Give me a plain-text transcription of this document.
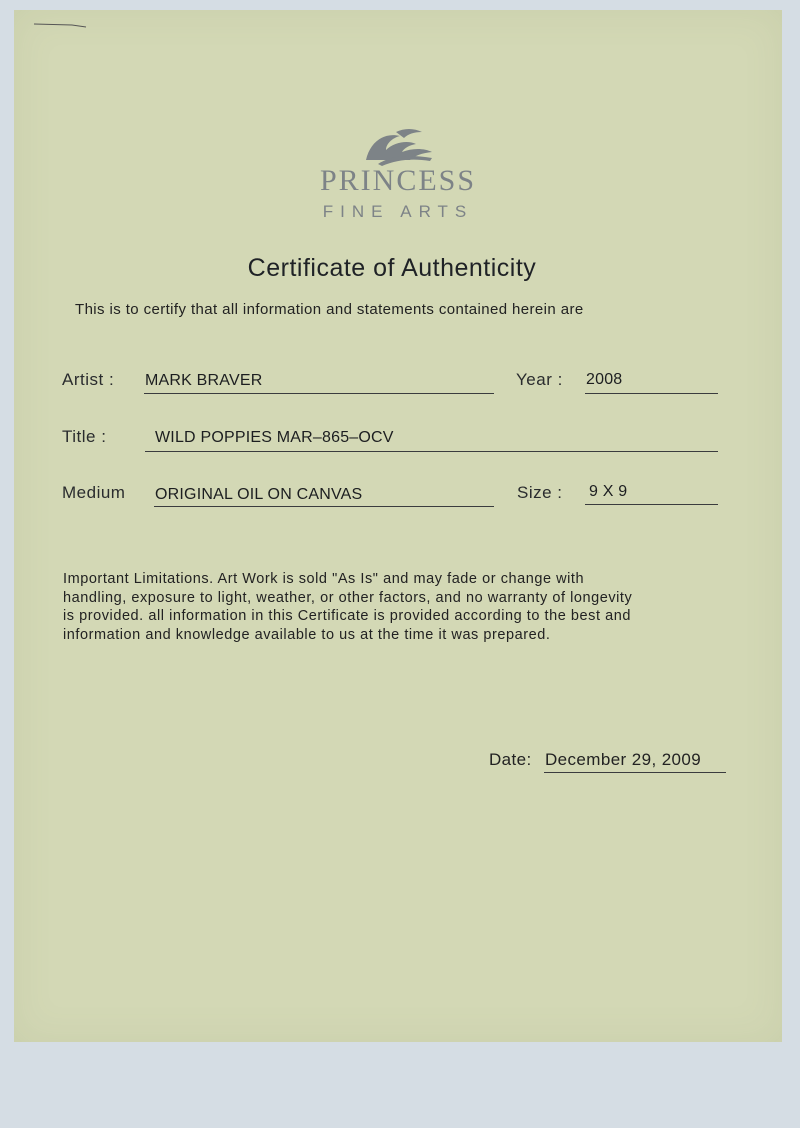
PRINCESS
FINE ARTS
Certificate of Authenticity
This is to certify that all information and statements contained herein are
Artist : MARK BRAVER	Year : 2008
Title :	WILD POPPIES MAR–865–OCV
Medium ORIGINAL OIL ON CANVAS	Size : 9 X 9
Important Limitations. Art Work is sold "As Is" and may fade or change with
handling, exposure to light, weather, or other factors, and no warranty of longevity
is provided. all information in this Certificate is provided according to the best and
information and knowledge available to us at the time it was prepared.
Date: December 29, 2009
